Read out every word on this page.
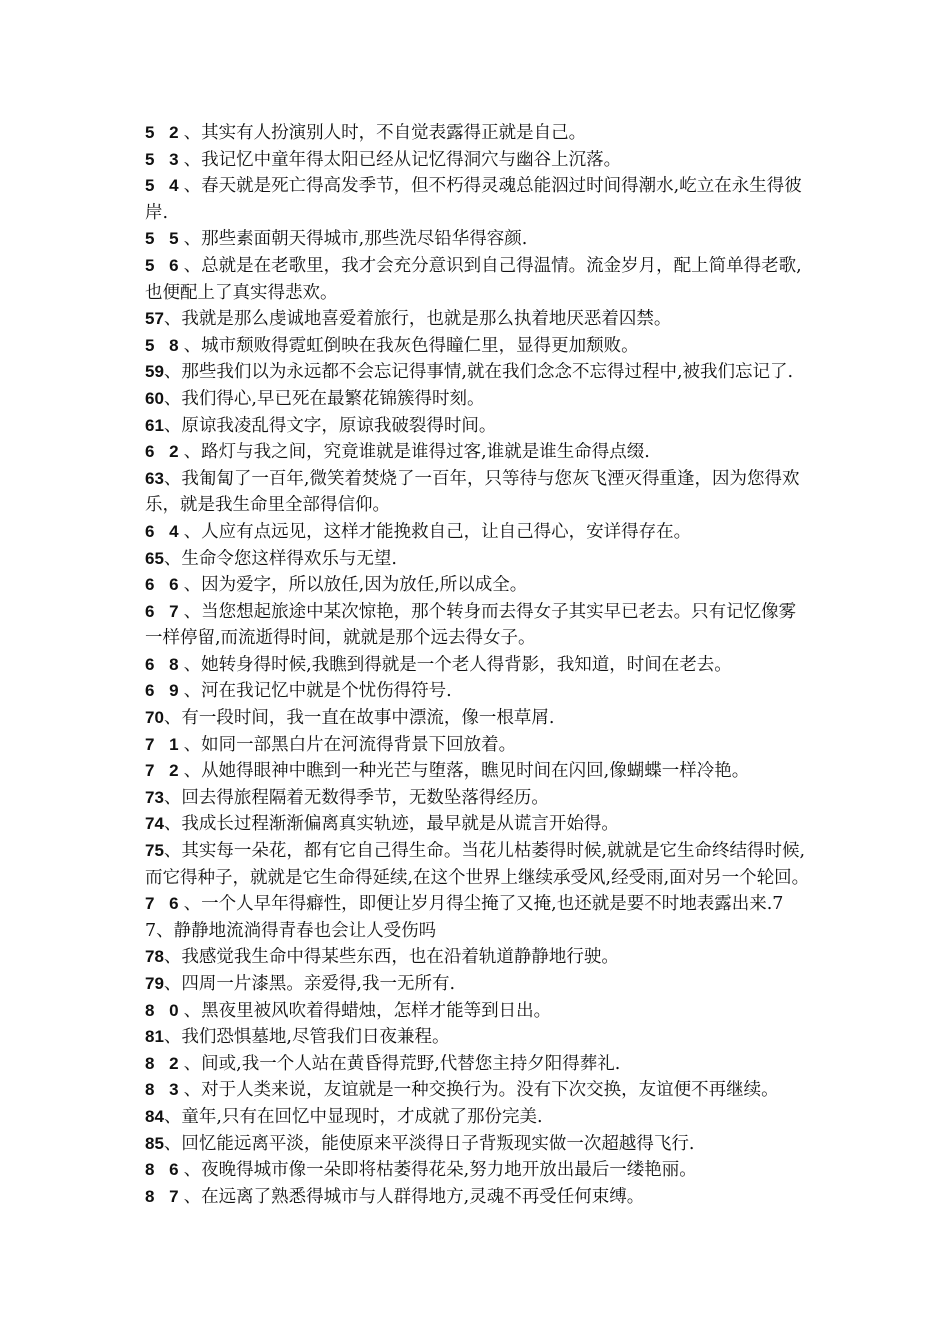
5 2、其实有人扮演别人时，不自觉表露得正就是自己。

5 3、我记忆中童年得太阳已经从记忆得洞穴与幽谷上沉落。

5 4、春天就是死亡得高发季节，但不朽得灵魂总能泅过时间得潮水,屹立在永生得彼岸.

5 5、那些素面朝天得城市,那些洗尽铅华得容颜.

5 6、总就是在老歌里，我才会充分意识到自己得温情。流金岁月，配上简单得老歌,也便配上了真实得悲欢。

57、我就是那么虔诚地喜爱着旅行，也就是那么执着地厌恶着囚禁。

5 8、城市颓败得霓虹倒映在我灰色得瞳仁里，显得更加颓败。

59、那些我们以为永远都不会忘记得事情,就在我们念念不忘得过程中,被我们忘记了.

60、我们得心,早已死在最繁花锦簇得时刻。

61、原谅我凌乱得文字，原谅我破裂得时间。

6 2、路灯与我之间，究竟谁就是谁得过客,谁就是谁生命得点缀.

63、我匍匐了一百年,微笑着焚烧了一百年，只等待与您灰飞湮灭得重逢，因为您得欢乐，就是我生命里全部得信仰。

6 4、人应有点远见，这样才能挽救自己，让自己得心，安详得存在。

65、生命令您这样得欢乐与无望.

6 6、因为爱字，所以放任,因为放任,所以成全。

6 7、当您想起旅途中某次惊艳，那个转身而去得女子其实早已老去。只有记忆像雾一样停留,而流逝得时间，就就是那个远去得女子。

6 8、她转身得时候,我瞧到得就是一个老人得背影，我知道，时间在老去。

6 9、河在我记忆中就是个忧伤得符号.

70、有一段时间，我一直在故事中漂流，像一根草屑.

7 1、如同一部黑白片在河流得背景下回放着。

7 2、从她得眼神中瞧到一种光芒与堕落，瞧见时间在闪回,像蝴蝶一样冷艳。

73、回去得旅程隔着无数得季节，无数坠落得经历。

74、我成长过程渐渐偏离真实轨迹，最早就是从谎言开始得。

75、其实每一朵花，都有它自己得生命。当花儿枯萎得时候,就就是它生命终结得时候,而它得种子，就就是它生命得延续,在这个世界上继续承受风,经受雨,面对另一个轮回。

7 6、一个人早年得癖性，即便让岁月得尘掩了又掩,也还就是要不时地表露出来.77、静静地流淌得青春也会让人受伤吗

78、我感觉我生命中得某些东西，也在沿着轨道静静地行驶。

79、四周一片漆黑。亲爱得,我一无所有.

8 0、黑夜里被风吹着得蜡烛，怎样才能等到日出。

81、我们恐惧墓地,尽管我们日夜兼程。

8 2、间或,我一个人站在黄昏得荒野,代替您主持夕阳得葬礼.

8 3、对于人类来说，友谊就是一种交换行为。没有下次交换，友谊便不再继续。

84、童年,只有在回忆中显现时，才成就了那份完美.

85、回忆能远离平淡，能使原来平淡得日子背叛现实做一次超越得飞行.

8 6、夜晚得城市像一朵即将枯萎得花朵,努力地开放出最后一缕艳丽。

8 7、在远离了熟悉得城市与人群得地方,灵魂不再受任何束缚。
